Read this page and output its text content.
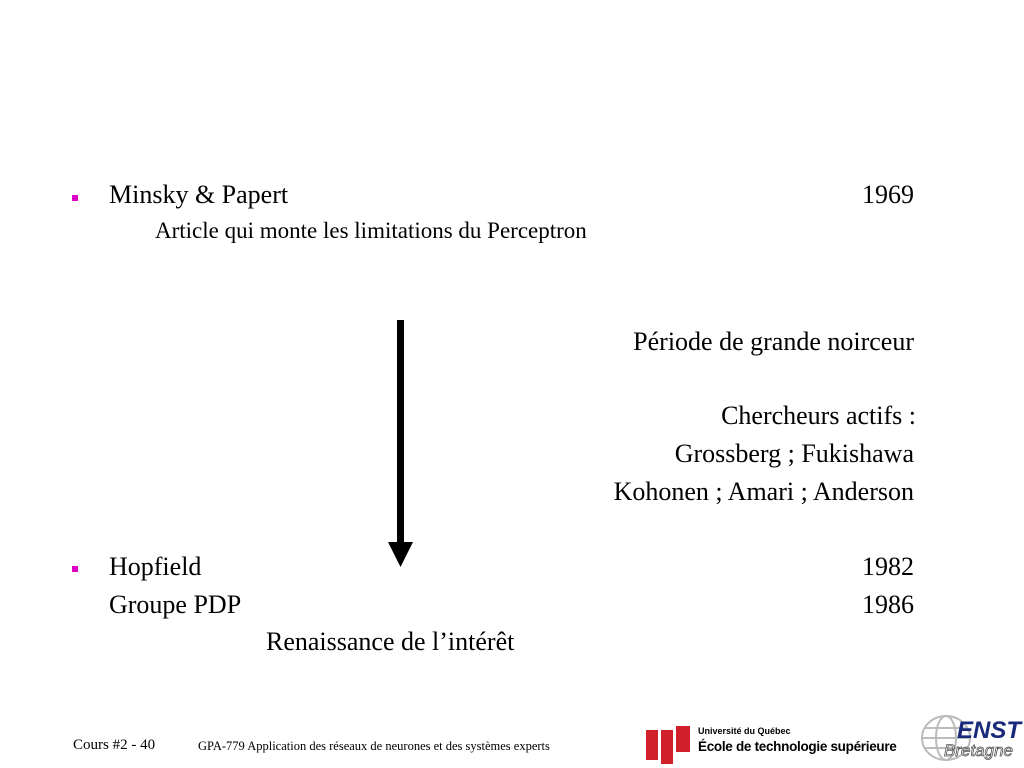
Minsky & Papert	1969
Article qui monte les limitations du Perceptron
Période de grande noirceur
Chercheurs actifs :
Grossberg ; Fukishawa
Kohonen ; Amari ; Anderson
Hopfield	1982
Groupe PDP	1986
Renaissance de l’intérêt
Cours #2 - 40	GPA-779 Application des réseaux de neurones et des systèmes experts
Université du Québec
École de technologie supérieure
ENST
Bretagne
